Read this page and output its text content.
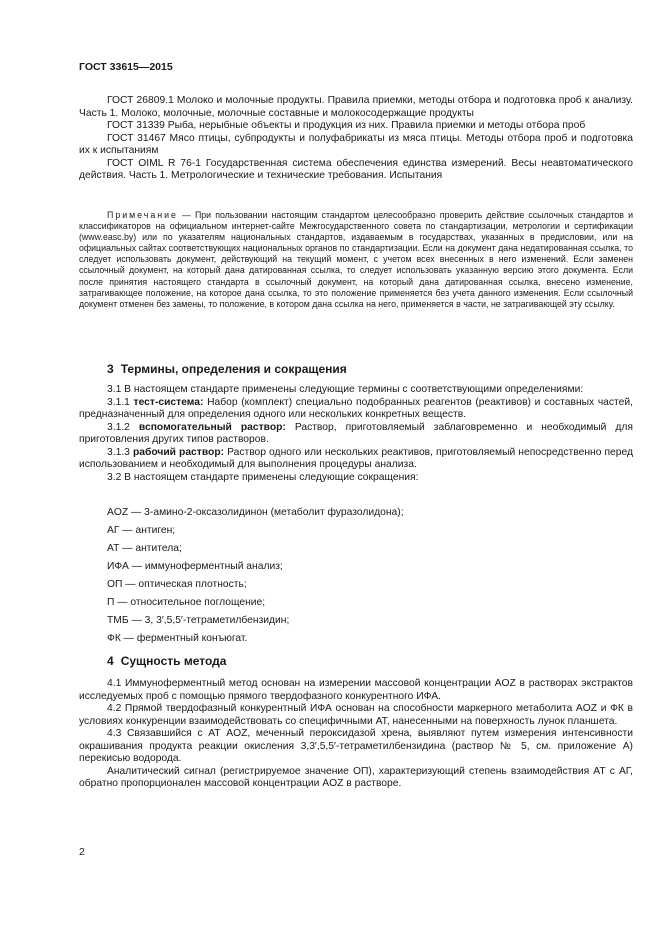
ГОСТ 33615—2015

ГОСТ 26809.1 Молоко и молочные продукты. Правила приемки, методы отбора и подготовка проб к анализу. Часть 1. Молоко, молочные, молочные составные и молокосодержащие продукты

ГОСТ 31339 Рыба, нерыбные объекты и продукция из них. Правила приемки и методы отбора проб

ГОСТ 31467 Мясо птицы, субпродукты и полуфабрикаты из мяса птицы. Методы отбора проб и подготовка их к испытаниям

ГОСТ OIML R 76-1 Государственная система обеспечения единства измерений. Весы неавтоматического действия. Часть 1. Метрологические и технические требования. Испытания

Примечание — При пользовании настоящим стандартом целесообразно проверить действие ссылочных стандартов и классификаторов на официальном интернет-сайте Межгосударственного совета по стандартизации, метрологии и сертификации (www.easc.by) или по указателям национальных стандартов, издаваемым в государствах, указанных в предисловии, или на официальных сайтах соответствующих национальных органов по стандартизации. Если на документ дана недатированная ссылка, то следует использовать документ, действующий на текущий момент, с учетом всех внесенных в него изменений. Если заменен ссылочный документ, на который дана датированная ссылка, то следует использовать указанную версию этого документа. Если после принятия настоящего стандарта в ссылочный документ, на который дана датированная ссылка, внесено изменение, затрагивающее положение, на которое дана ссылка, то это положение применяется без учета данного изменения. Если ссылочный документ отменен без замены, то положение, в котором дана ссылка на него, применяется в части, не затрагивающей эту ссылку.

3 Термины, определения и сокращения

3.1 В настоящем стандарте применены следующие термины с соответствующими определениями:

3.1.1 тест-система: Набор (комплект) специально подобранных реагентов (реактивов) и составных частей, предназначенный для определения одного или нескольких конкретных веществ.

3.1.2 вспомогательный раствор: Раствор, приготовляемый заблаговременно и необходимый для приготовления других типов растворов.

3.1.3 рабочий раствор: Раствор одного или нескольких реактивов, приготовляемый непосредственно перед использованием и необходимый для выполнения процедуры анализа.

3.2 В настоящем стандарте применены следующие сокращения:

AOZ — 3-амино-2-оксазолидинон (метаболит фуразолидона);

АГ — антиген;

АТ — антитела;

ИФА — иммуноферментный анализ;

ОП — оптическая плотность;

П — относительное поглощение;

ТМБ — 3, 3′,5,5′-тетраметилбензидин;

ФК — ферментный конъюгат.

4 Сущность метода

4.1 Иммуноферментный метод основан на измерении массовой концентрации AOZ в растворах экстрактов исследуемых проб с помощью прямого твердофазного конкурентного ИФА.

4.2 Прямой твердофазный конкурентный ИФА основан на способности маркерного метаболита AOZ и ФК в условиях конкуренции взаимодействовать со специфичными АТ, нанесенными на поверхность лунок планшета.

4.3 Связавшийся с АТ AOZ, меченный пероксидазой хрена, выявляют путем измерения интенсивности окрашивания продукта реакции окисления 3,3′,5,5′-тетраметилбензидина (раствор № 5, см. приложение А) перекисью водорода.

Аналитический сигнал (регистрируемое значение ОП), характеризующий степень взаимодействия АТ с АГ, обратно пропорционален массовой концентрации AOZ в растворе.

2
